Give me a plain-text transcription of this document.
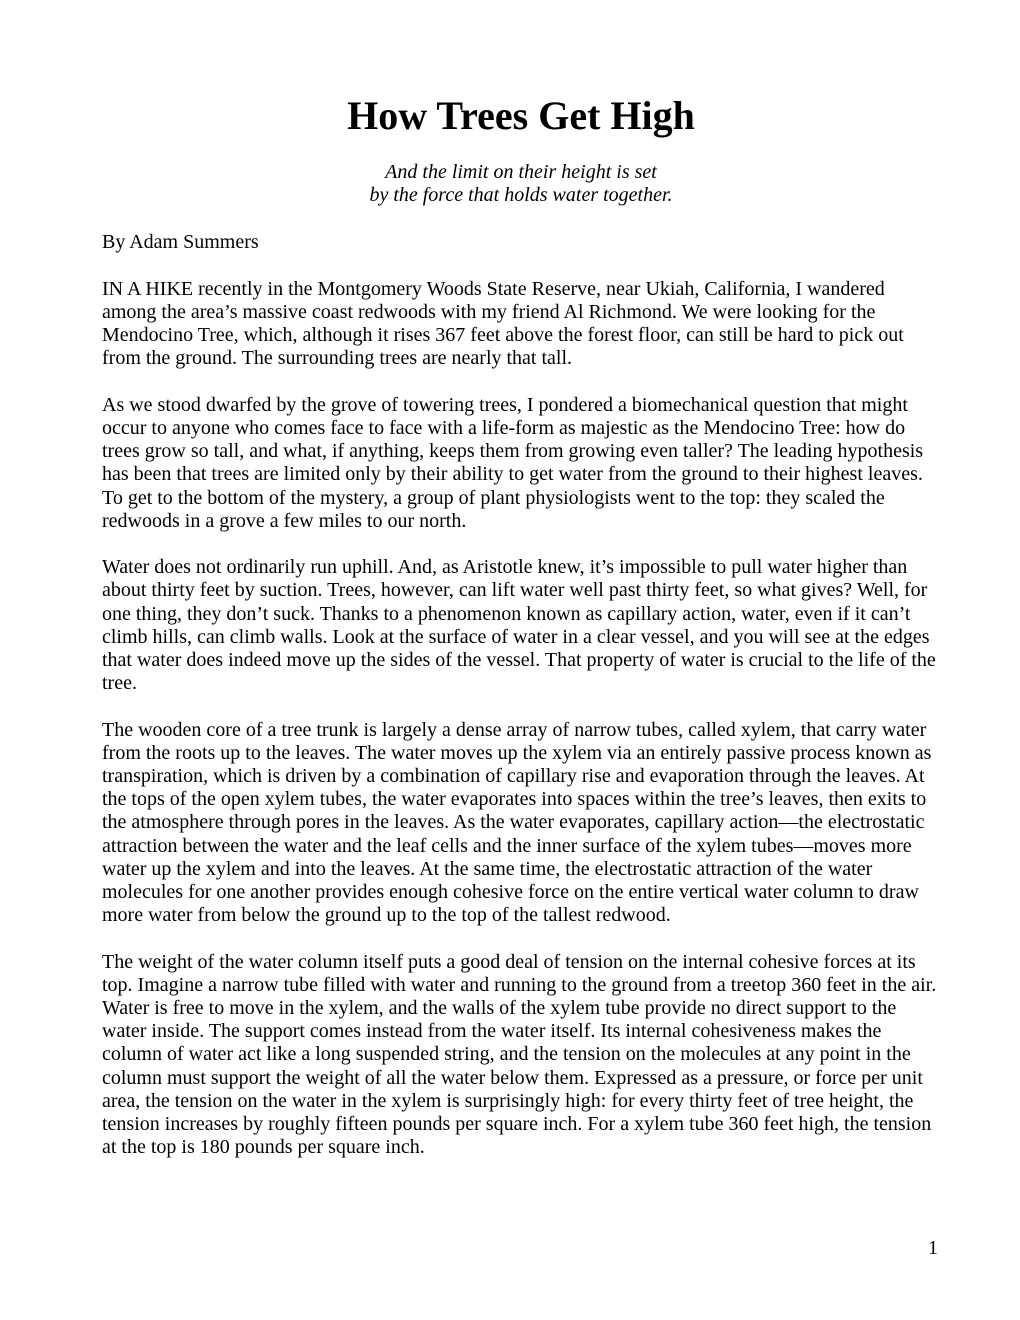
How Trees Get High
And the limit on their height is set
by the force that holds water together.
By Adam Summers

IN A HIKE recently in the Montgomery Woods State Reserve, near Ukiah, California, I wandered among the area’s massive coast redwoods with my friend Al Richmond. We were looking for the Mendocino Tree, which, although it rises 367 feet above the forest floor, can still be hard to pick out from the ground. The surrounding trees are nearly that tall.

As we stood dwarfed by the grove of towering trees, I pondered a biomechanical question that might occur to anyone who comes face to face with a life-form as majestic as the Mendocino Tree: how do trees grow so tall, and what, if anything, keeps them from growing even taller? The leading hypothesis has been that trees are limited only by their ability to get water from the ground to their highest leaves. To get to the bottom of the mystery, a group of plant physiologists went to the top: they scaled the redwoods in a grove a few miles to our north.

Water does not ordinarily run uphill. And, as Aristotle knew, it’s impossible to pull water higher than about thirty feet by suction. Trees, however, can lift water well past thirty feet, so what gives? Well, for one thing, they don’t suck. Thanks to a phenomenon known as capillary action, water, even if it can’t climb hills, can climb walls. Look at the surface of water in a clear vessel, and you will see at the edges that water does indeed move up the sides of the vessel. That property of water is crucial to the life of the tree.

The wooden core of a tree trunk is largely a dense array of narrow tubes, called xylem, that carry water from the roots up to the leaves. The water moves up the xylem via an entirely passive process known as transpiration, which is driven by a combination of capillary rise and evaporation through the leaves. At the tops of the open xylem tubes, the water evaporates into spaces within the tree’s leaves, then exits to the atmosphere through pores in the leaves. As the water evaporates, capillary action—the electrostatic attraction between the water and the leaf cells and the inner surface of the xylem tubes—moves more water up the xylem and into the leaves. At the same time, the electrostatic attraction of the water molecules for one another provides enough cohesive force on the entire vertical water column to draw more water from below the ground up to the top of the tallest redwood.

The weight of the water column itself puts a good deal of tension on the internal cohesive forces at its top. Imagine a narrow tube filled with water and running to the ground from a treetop 360 feet in the air. Water is free to move in the xylem, and the walls of the xylem tube provide no direct support to the water inside. The support comes instead from the water itself. Its internal cohesiveness makes the column of water act like a long suspended string, and the tension on the molecules at any point in the column must support the weight of all the water below them. Expressed as a pressure, or force per unit area, the tension on the water in the xylem is surprisingly high: for every thirty feet of tree height, the tension increases by roughly fifteen pounds per square inch. For a xylem tube 360 feet high, the tension at the top is 180 pounds per square inch.

1
